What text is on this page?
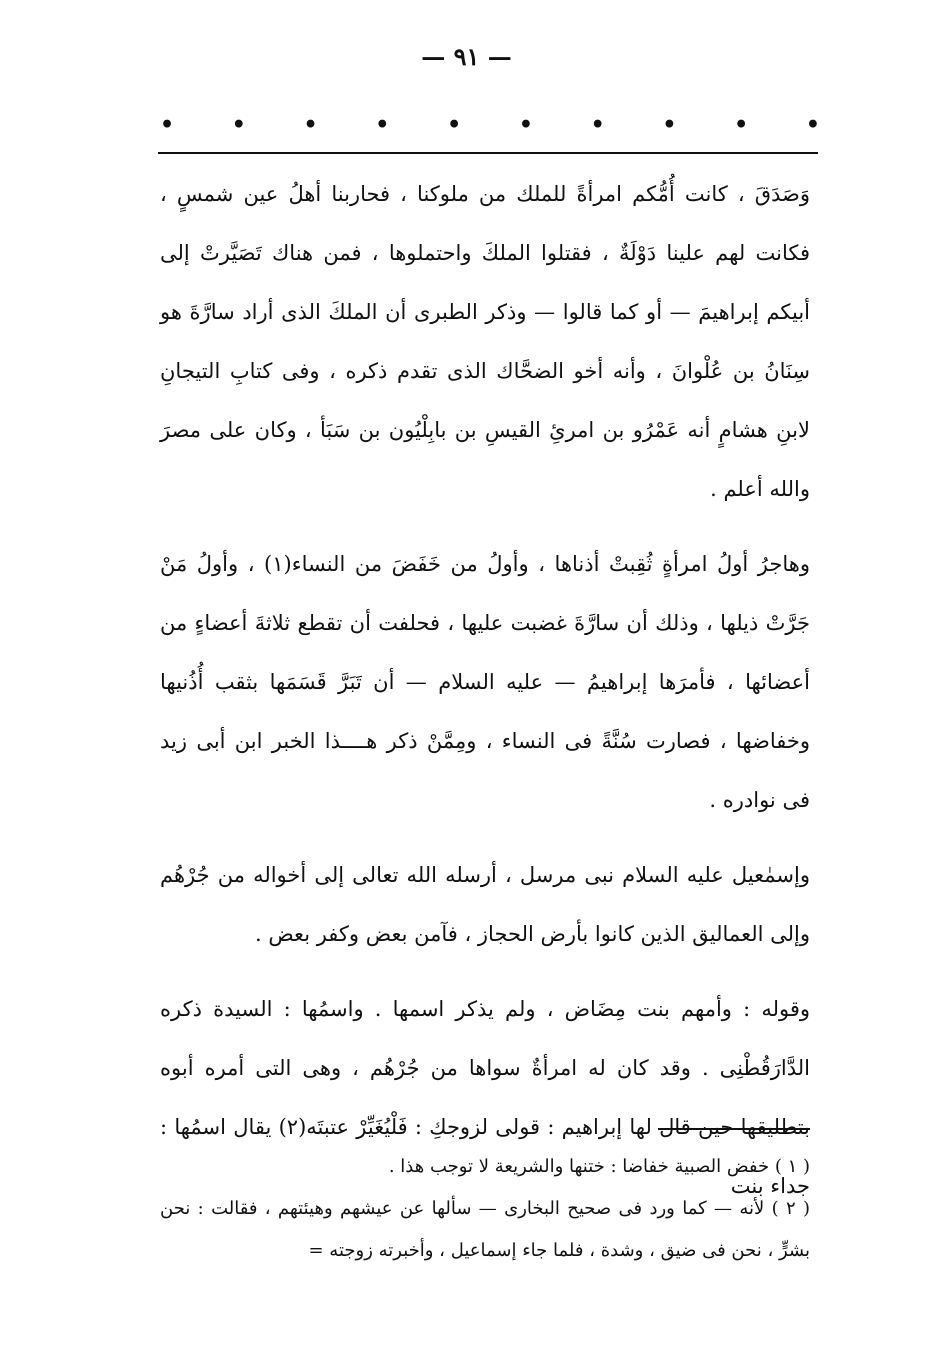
— ٩١ —
•	•	•	•	•	•	•	•	•	•

وَصَدَقَ ، كانت أُمُّكم امرأةً للملك من ملوكنا ، فحاربنا أهلُ عين شمسٍ ، فكانت لهم علينا دَوْلَةٌ ، فقتلوا الملكَ واحتملوها ، فمن هناك تَصَيَّرتْ إلى أبيكم إبراهيمَ — أو كما قالوا — وذكر الطبرى أن الملكَ الذى أراد سارَّةَ هو سِنَانُ بن عُلْوانَ ، وأنه أخو الضحَّاك الذى تقدم ذكره ، وفى كتابِ التيجانِ لابنِ هشامٍ أنه عَمْرُو بن امرئِ القيسِ بن بابِلْيُون بن سَبَأ ، وكان على مصرَ والله أعلم .

وهاجرُ أولُ امرأةٍ ثُقِبتْ أذناها ، وأولُ من خَفَضَ من النساء(١) ، وأولُ مَنْ جَرَّتْ ذيلها ، وذلك أن سارَّةَ غضبت عليها ، فحلفت أن تقطع ثلاثةَ أعضاءٍ من أعضائها ، فأمرَها إبراهيمُ — عليه السلام — أن تَبَرَّ قَسَمَها بثقب أُذُنيها وخفاضها ، فصارت سُنَّةً فى النساء ، ومِمَّنْ ذكر هــــذا الخبر ابن أبى زيد فى نوادره .

وإسمٰعيل عليه السلام نبى مرسل ، أرسله الله تعالى إلى أخواله من جُرْهُم وإلى العماليق الذين كانوا بأرض الحجاز ، فآمن بعض وكفر بعض .

وقوله : وأمهم بنت مِضَاض ، ولم يذكر اسمها . واسمُها : السيدة ذكره الدَّارَقُطْنِى . وقد كان له امرأةٌ سواها من جُرْهُم ، وهى التى أمره أبوه بتطليقها حين قال لها إبراهيم : قولى لزوجكِ : فَلْيُغَيِّرْ عتبتَه(٢) يقال اسمُها : جداء بنت

( ١ ) خفض الصبية خفاضا : ختنها والشريعة لا توجب هذا .

( ٢ ) لأنه — كما ورد فى صحيح البخارى — سألها عن عيشهم وهيئتهم ، فقالت : نحن بشرٍّ ، نحن فى ضيق ، وشدة ، فلما جاء إسماعيل ، وأخبرته زوجته =
